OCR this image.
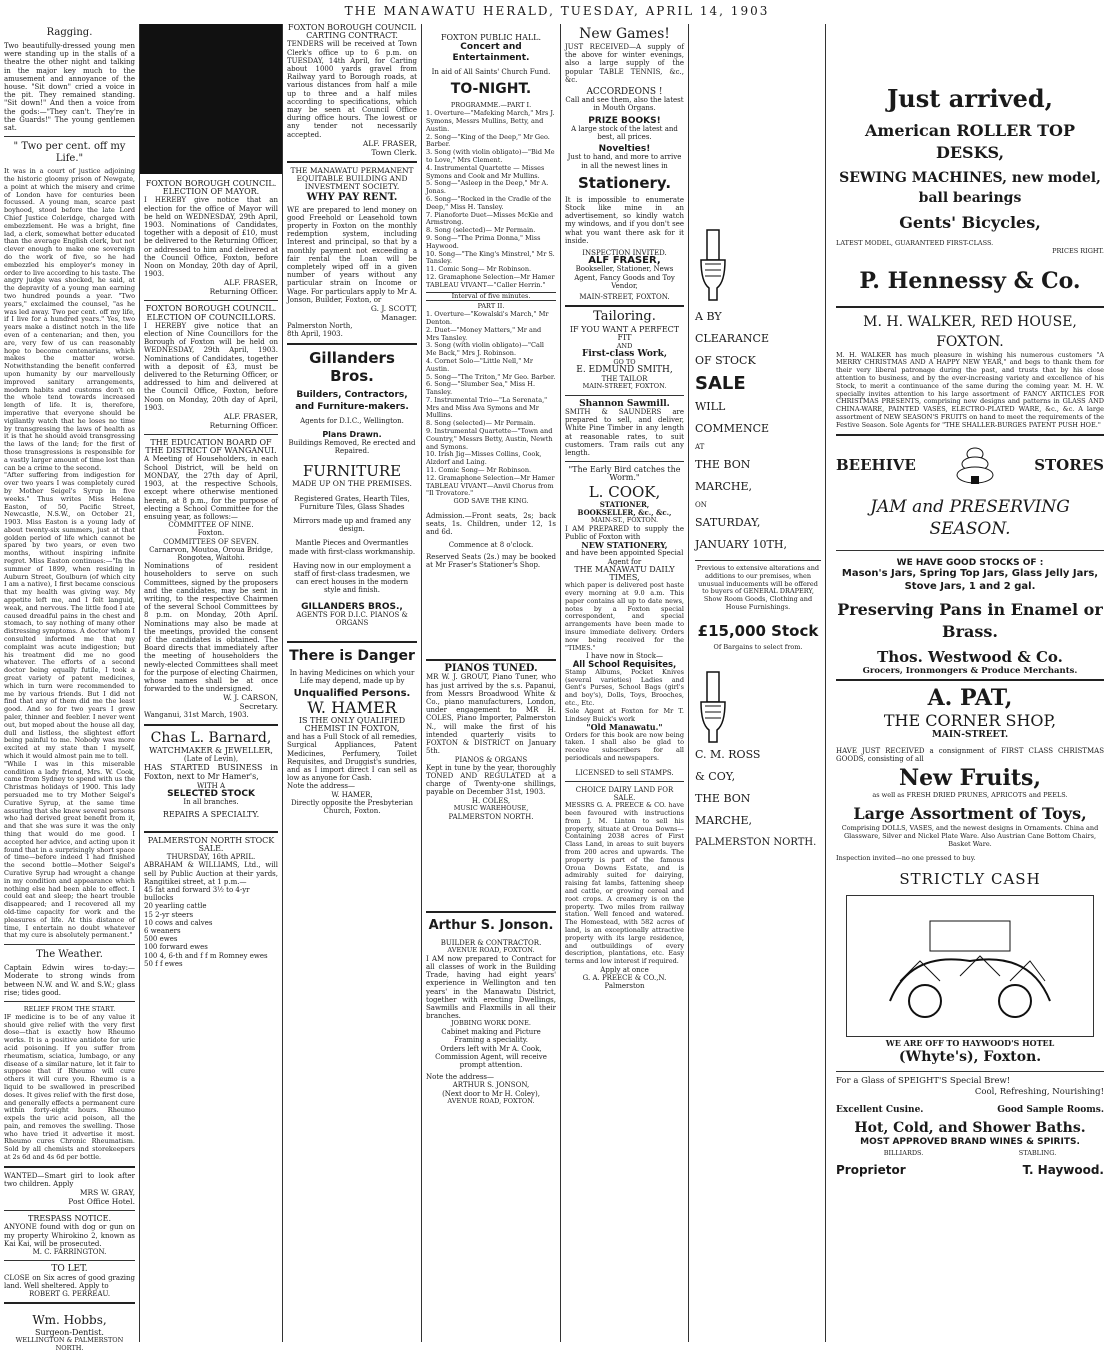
THE MANAWATU HERALD, TUESDAY, APRIL 14, 1903
Ragging.
Two beautifully-dressed young men were standing up in the stalls of a theatre the other night and talking in the major key much to the amusement and annoyance of the house. "Sit down" cried a voice in the pit. They remained standing. "Sit down!" And then a voice from the gods:—"They can't. They're in the Guards!" The young gentlemen sat.
" Two per cent. off my Life."
It was in a court of justice adjoining the historic gloomy prison of Newgate, a point at which the misery and crime of London have for centuries been focussed. A young man, scarce past boyhood, stood before the late Lord Chief Justice Coleridge, charged with embezzlement. He was a bright, fine lad, a clerk, somewhat better educated than the average English clerk, but not clever enough to make one sovereign do the work of five, so he had embezzled his employer's money in order to live according to his taste. The angry judge was shocked, he said, at the depravity of a young man earning two hundred pounds a year. "Two years," exclaimed the counsel, "as he was led away. Two per cent. off my life, if I live for a hundred years." Yes, two years make a distinct notch in the life even of a centenarian; and then, you are, very few of us can reasonably hope to become centenarians, which makes the matter worse. Notwithstanding the benefit conferred upon humanity by our marvellously improved sanitary arrangements, modern habits and customs don't on the whole tend towards increased length of life. It is, therefore, imperative that everyone should be vigilantly watch that he loses no time by transgressing the laws of health as it is that he should avoid transgressing the laws of the land; for the first of those transgressions is responsible for a vastly larger amount of time lost than can be a crime to the second.
"After suffering from indigestion for over two years I was completely cured by Mother Seigel's Syrup in five weeks." Thus writes Miss Helena Easton, of 50, Pacific Street, Newcastle, N.S.W., on October 21, 1903. Miss Easton is a young lady of about twenty-six summers, just at that golden period of life which cannot be spared by two years, or even two months, without inspiring infinite regret. Miss Easton continues:—"In the summer of 1899, when residing in Auburn Street, Goulburn (of which city I am a native), I first became conscious that my health was giving way. My appetite left me, and I felt languid, weak, and nervous. The little food I ate caused dreadful pains in the chest and stomach, to say nothing of many other distressing symptoms. A doctor whom I consulted informed me that my complaint was acute indigestion; but his treatment did me no good whatever. The efforts of a second doctor being equally futile, I took a great variety of patent medicines, which in turn were recommended to me by various friends. But I did not find that any of them did me the least good. And so for two years I grew paler, thinner and feebler. I never went out, but moped about the house all day, dull and listless, the slightest effort being painful to me. Nobody was more excited at my state than I myself, which it would almost pain me to tell.
"While I was in this miserable condition a lady friend, Mrs. W. Cook, came from Sydney to spend with us the Christmas holidays of 1900. This lady persuaded me to try Mother Seigel's Curative Syrup, at the same time assuring that she knew several persons who had derived great benefit from it, and that she was sure it was the only thing that would do me good. I accepted her advice, and acting upon it found that in a surprisingly short space of time—before indeed I had finished the second bottle—Mother Seigel's Curative Syrup had wrought a change in my condition and appearance which nothing else had been able to effect. I could eat and sleep; the heart trouble disappeared; and I recovered all my old-time capacity for work and the pleasures of life. At this distance of time, I entertain no doubt whatever that my cure is absolutely permanent."
The Weather.
Captain Edwin wires to-day:—Moderate to strong winds from between N.W. and W. and S.W.; glass rise; tides good.
RELIEF FROM THE START.
IF medicine is to be of any value it should give relief with the very first dose—that is exactly how Rheumo works. It is a positive antidote for uric acid poisoning. If you suffer from rheumatism, sciatica, lumbago, or any disease of a similar nature, let it fair to suppose that if Rheumo will cure others it will cure you. Rheumo is a liquid to be swallowed in prescribed doses. It gives relief with the first dose, and generally effects a permanent cure within forty-eight hours. Rheumo expels the uric acid poison, all the pain, and removes the swelling. Those who have tried it advertise it most. Rheumo cures Chronic Rheumatism. Sold by all chemists and storekeepers at 2s 6d and 4s 6d per bottle.
WANTED—Smart girl to look after two children. Apply
MRS W. GRAY,
Post Office Hotel.
TRESPASS NOTICE.
ANYONE found with dog or gun on my property Whirokino 2, known as Kai Kai, will be prosecuted.
M. C. FARRINGTON.
TO LET.
CLOSE on Six acres of good grazing land. Well sheltered. Apply to
ROBERT G. PERREAU.
Wm. Hobbs,
Surgeon-Dentist.
WELLINGTON & PALMERSTON NORTH.
FOXTON BOROUGH COUNCIL.
ELECTION OF MAYOR.
I HEREBY give notice that an election for the office of Mayor will be held on WEDNESDAY, 29th April, 1903. Nominations of Candidates, together with a deposit of £10, must be delivered to the Returning Officer, or addressed to him and delivered at the Council Office, Foxton, before Noon on Monday, 20th day of April, 1903.
ALF. FRASER,
Returning Officer.
FOXTON BOROUGH COUNCIL.
ELECTION OF COUNCILLORS.
I HEREBY give notice that an election of Nine Councillors for the Borough of Foxton will be held on WEDNESDAY, 29th April, 1903. Nominations of Candidates, together with a deposit of £3, must be delivered to the Returning Officer, or addressed to him and delivered at the Council Office, Foxton, before Noon on Monday, 20th day of April, 1903.
ALF. FRASER,
Returning Officer.
THE EDUCATION BOARD OF THE DISTRICT OF WANGANUI.
A Meeting of Householders, in each School District, will be held on MONDAY, the 27th day of April, 1903, at the respective Schools, except where otherwise mentioned herein, at 8 p.m., for the purpose of electing a School Committee for the ensuing year, as follows:—
COMMITTEE OF NINE.
Foxton.
COMMITTEES OF SEVEN.
Carnarvon, Moutoa, Oroua Bridge, Rongotea, Waitohi.
Nominations of resident householders to serve on such Committees, signed by the proposers and the candidates, may be sent in writing, to the respective Chairmen of the several School Committees by 8 p.m. on Monday, 20th April. Nominations may also be made at the meetings, provided the consent of the candidates is obtained. The Board directs that immediately after the meeting of householders the newly-elected Committees shall meet for the purpose of electing Chairmen, whose names shall be at once forwarded to the undersigned.
W. J. CARSON,
Secretary.
Wanganui, 31st March, 1903.
Chas L. Barnard,
WATCHMAKER & JEWELLER,
(Late of Levin),
HAS STARTED BUSINESS in Foxton, next to Mr Hamer's,
WITH A
SELECTED STOCK
In all branches.
REPAIRS A SPECIALTY.
PALMERSTON NORTH STOCK SALE.
THURSDAY, 16th APRIL.
ABRAHAM & WILLIAMS, Ltd., will sell by Public Auction at their yards, Rangitikei street, at 1 p.m.—
45 fat and forward 3½ to 4-yr bullocks
20 yearling cattle
15 2-yr steers
10 cows and calves
6 weaners
500 ewes
100 forward ewes
100 4, 6-th and f f m Romney ewes
50 f f ewes
FOXTON BOROUGH COUNCIL
CARTING CONTRACT.
TENDERS will be received at Town Clerk's office up to 6 p.m. on TUESDAY, 14th April, for Carting about 1000 yards gravel from Railway yard to Borough roads, at various distances from half a mile up to three and a half miles according to specifications, which may be seen at Council Office during office hours. The lowest or any tender not necessarily accepted.
ALF. FRASER,
Town Clerk.
THE MANAWATU PERMANENT EQUITABLE BUILDING AND INVESTMENT SOCIETY.
WHY PAY RENT.
WE are prepared to lend money on good Freehold or Leasehold town property in Foxton on the monthly redemption system, including Interest and principal, so that by a monthly payment not exceeding a fair rental the Loan will be completely wiped off in a given number of years without any particular strain on Income or Wage. For particulars apply to Mr A. Jonson, Builder, Foxton, or
G. J. SCOTT,
Manager.
Palmerston North,
8th April, 1903.
Gillanders Bros.
Builders, Contractors, and Furniture-makers.
Agents for D.I.C., Wellington.
Plans Drawn.
Buildings Removed, Re erected and Repaired.
FURNITURE
MADE UP ON THE PREMISES.
Registered Grates, Hearth Tiles, Furniture Tiles, Glass Shades
Mirrors made up and framed any design.
Mantle Pieces and Overmantles made with first-class workmanship.
Having now in our employment a staff of first-class tradesmen, we can erect houses in the modern style and finish.
GILLANDERS BROS.,
AGENTS FOR D.I.C. PIANOS & ORGANS
There is Danger
In having Medicines on which your Life may depend, made up by
Unqualified Persons.
W. HAMER
IS THE ONLY QUALIFIED CHEMIST IN FOXTON,
and has a Full Stock of all remedies, Surgical Appliances, Patent Medicines, Perfumery, Toilet Requisites, and Druggist's sundries, and as I import direct I can sell as low as anyone for Cash.
Note the address—
W. HAMER,
Directly opposite the Presbyterian Church, Foxton.
FOXTON PUBLIC HALL.
Concert and Entertainment.
In aid of All Saints' Church Fund.
TO-NIGHT.
PROGRAMME.—PART I.
1. Overture—"Mafeking March," Mrs J. Symons, Messrs Mullins, Betty, and Austin.
2. Song—"King of the Deep," Mr Geo. Barber.
3. Song (with violin obligato)—"Bid Me to Love," Mrs Clement.
4. Instrumental Quartette — Misses Symons and Cook and Mr Mullins.
5. Song—"Asleep in the Deep," Mr A. Jonas.
6. Song—"Rocked in the Cradle of the Deep," Miss H. Tansley.
7. Pianoforte Duet—Misses McKie and Armstrong.
8. Song (selected)— Mr Permain.
9. Song—"The Prima Donna," Miss Haywood.
10. Song—"The King's Minstrel," Mr S. Tansley.
11. Comic Song— Mr Robinson.
12. Gramaphone Selection—Mr Hamer
TABLEAU VIVANT—"Caller Herrin."
Interval of five minutes.
PART II.
1. Overture—"Kowalski's March," Mr Denton.
2. Duet—"Money Matters," Mr and Mrs Tansley.
3. Song (with violin obligato)—"Call Me Back," Mrs J. Robinson.
4. Cornet Solo—"Little Nell," Mr Austin.
5. Song—"The Triton," Mr Geo. Barber.
6. Song—"Slumber Sea," Miss H. Tansley.
7. Instrumental Trio—"La Serenata," Mrs and Miss Ava Symons and Mr Mullins.
8. Song (selected)— Mr Permain.
9. Instrumental Quartette—"Town and Country," Messrs Betty, Austin, Newth and Symons.
10. Irish Jig—Misses Collins, Cook, Alzdorf and Laing.
11. Comic Song— Mr Robinson.
12. Gramaphone Selection—Mr Hamer
TABLEAU VIVANT—Anvil Chorus from "Il Trovatore."
GOD SAVE THE KING.
Admission.—Front seats, 2s; back seats, 1s. Children, under 12, 1s and 6d.
Commence at 8 o'clock.
Reserved Seats (2s.) may be booked at Mr Fraser's Stationer's Shop.
PIANOS TUNED.
MR W. J. GROUT, Piano Tuner, who has just arrived by the s.s. Papanui, from Messrs Broadwood White & Co., piano manufacturers, London, under engagement to MR H. COLES, Piano Importer, Palmerston N., will make the first of his intended quarterly visits to FOXTON & DISTRICT on January 5th.
PIANOS & ORGANS
Kept in tune by the year, thoroughly TONED AND REGULATED at a charge of Twenty-one shillings, payable on December 31st, 1903.
H. COLES,
MUSIC WAREHOUSE,
PALMERSTON NORTH.
Arthur S. Jonson.
BUILDER & CONTRACTOR.
AVENUE ROAD, FOXTON.
I AM now prepared to Contract for all classes of work in the Building Trade, having had eight years' experience in Wellington and ten years' in the Manawatu District, together with erecting Dwellings, Sawmills and Flaxmills in all their branches.
JOBBING WORK DONE.
Cabinet making and Picture Framing a speciality.
Orders left with Mr A. Cook, Commission Agent, will receive prompt attention.
Note the address—
ARTHUR S. JONSON,
(Next door to Mr H. Coley),
AVENUE ROAD, FOXTON.
New Games!
JUST RECEIVED—A supply of the above for winter evenings, also a large supply of the popular TABLE TENNIS, &c., &c.
ACCORDEONS !
Call and see them, also the latest in Mouth Organs.
PRIZE BOOKS!
A large stock of the latest and best, all prices.
Novelties!
Just to hand, and more to arrive in all the newest lines in
Stationery.
It is impossible to enumerate Stock like mine in an advertisement, so kindly watch my windows, and if you don't see what you want there ask for it inside.
INSPECTION INVITED.
ALF FRASER,
Bookseller, Stationer, News Agent, Fancy Goods and Toy Vendor,
MAIN-STREET, FOXTON.
Tailoring.
IF YOU WANT A PERFECT FIT
AND
First-class Work,
GO TO
E. EDMUND SMITH,
THE TAILOR
MAIN-STREET, FOXTON.
Shannon Sawmill.
SMITH & SAUNDERS are prepared to sell, and deliver, White Pine Timber in any length at reasonable rates, to suit customers. Tram rails cut any length.
"The Early Bird catches the Worm."
L. COOK,
STATIONER,
BOOKSELLER, &c., &c.,
MAIN-ST., FOXTON.
I AM PREPARED to supply the Public of Foxton with
NEW STATIONERY,
and have been appointed Special Agent for
THE MANAWATU DAILY TIMES,
which paper is delivered post haste every morning at 9.0 a.m. This paper contains all up to date news, notes by a Foxton special correspondent, and special arrangements have been made to insure immediate delivery. Orders now being received for the "TIMES."
I have now in Stock—
All School Requisites,
Stamp Albums, Pocket Knives (several varieties) Ladies and Gent's Purses, School Bags (girl's and boy's), Dolls, Toys, Brooches, etc., Etc.
Sole Agent at Foxton for Mr T. Lindsey Buick's work
"Old Manawatu."
Orders for this book are now being taken. I shall also be glad to receive subscribers for all periodicals and newspapers.
LICENSED to sell STAMPS.
CHOICE DAIRY LAND FOR SALE.
MESSRS G. A. PREECE & CO. have been favoured with instructions from J. M. Linton to sell his property, situate at Oroua Downs— Containing 2038 acres of First Class Land, in areas to suit buyers from 200 acres and upwards. The property is part of the famous Oroua Downs Estate, and is admirably suited for dairying, raising fat lambs, fattening sheep and cattle, or growing cereal and root crops. A creamery is on the property. Two miles from railway station. Well fenced and watered. The Homestead, with 582 acres of land, is an exceptionally attractive property with its large residence, and outbuildings of every description, plantations, etc. Easy terms and low interest if required.
Apply at once
G. A. PREECE & CO.,N.
Palmerston
A BY
CLEARANCE
OF STOCK
SALE
WILL
COMMENCE
AT
THE BON
MARCHE,
ON
SATURDAY,
JANUARY 10TH,
Previous to extensive alterations and additions to our premises, when unusual inducements will be offered to buyers of GENERAL DRAPERY, Show Room Goods, Clothing and House Furnishings.
£15,000 Stock
Of Bargains to select from.
C. M. ROSS
& COY,
THE BON
MARCHE,
PALMERSTON NORTH.
Just arrived,
American ROLLER TOP DESKS,
SEWING MACHINES, new model, ball bearings
Gents' Bicycles,
LATEST MODEL, GUARANTEED FIRST-CLASS.
PRICES RIGHT.
P. Hennessy & Co.
M. H. WALKER, RED HOUSE, FOXTON.
M. H. WALKER has much pleasure in wishing his numerous customers "A MERRY CHRISTMAS AND A HAPPY NEW YEAR," and begs to thank them for their very liberal patronage during the past, and trusts that by his close attention to business, and by the ever-increasing variety and excellence of his Stock, to merit a continuance of the same during the coming year. M. H. W. specially invites attention to his large assortment of FANCY ARTICLES FOR CHRISTMAS PRESENTS, comprising new designs and patterns in GLASS AND CHINA-WARE, PAINTED VASES, ELECTRO-PLATED WARE, &c., &c. A large assortment of NEW SEASON'S FRUITS on hand to meet the requirements of the Festive Season. Sole Agents for "THE SHALLER-BURGES PATENT PUSH HOE."
BEEHIVE	STORES
JAM and PRESERVING SEASON.
WE HAVE GOOD STOCKS OF :
Mason's Jars, Spring Top Jars, Glass Jelly Jars, Stove Jars, 1 and 2 gal.
Preserving Pans in Enamel or Brass.
Thos. Westwood & Co.
Grocers, Ironmongers & Produce Merchants.
A. PAT,
THE CORNER SHOP,
MAIN-STREET.
HAVE JUST RECEIVED a consignment of FIRST CLASS CHRISTMAS GOODS, consisting of all
New Fruits,
as well as FRESH DRIED PRUNES, APRICOTS and PEELS.
Large Assortment of Toys,
Comprising DOLLS, VASES, and the newest designs in Ornaments. China and Glassware, Silver and Nickel Plate Ware. Also Austrian Cane Bottom Chairs, Basket Ware.
Inspection invited—no one pressed to buy.
STRICTLY CASH
WE ARE OFF TO HAYWOOD'S HOTEL
(Whyte's), Foxton.
For a Glass of SPEIGHT'S Special Brew!
Cool, Refreshing, Nourishing!
Excellent Cusine.	Good Sample Rooms.
Hot, Cold, and Shower Baths.
MOST APPROVED BRAND WINES & SPIRITS.
BILLIARDS.	STABLING.
Proprietor	T. Haywood.
